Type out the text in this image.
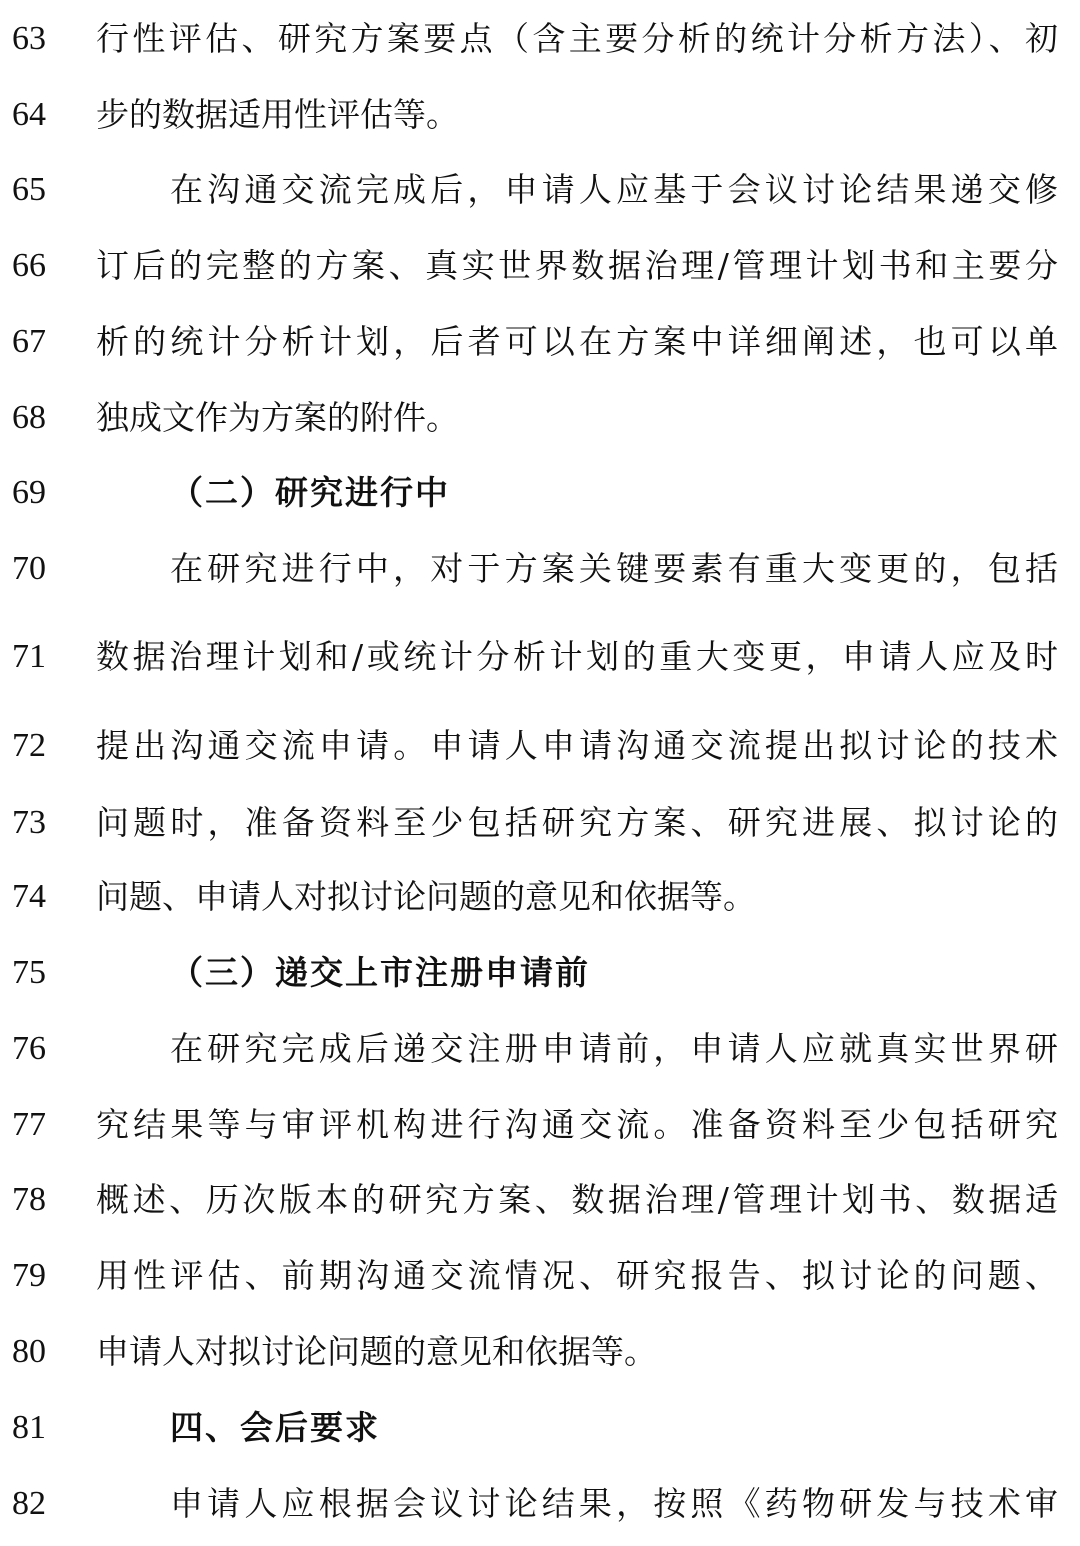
63	行性评估、研究方案要点（含主要分析的统计分析方法）、初
64	步的数据适用性评估等。
65	在沟通交流完成后，申请人应基于会议讨论结果递交修
66	订后的完整的方案、真实世界数据治理/管理计划书和主要分
67	析的统计分析计划，后者可以在方案中详细阐述，也可以单
68	独成文作为方案的附件。
69	（二）研究进行中
70	在研究进行中，对于方案关键要素有重大变更的，包括
71	数据治理计划和/或统计分析计划的重大变更，申请人应及时
72	提出沟通交流申请。申请人申请沟通交流提出拟讨论的技术
73	问题时，准备资料至少包括研究方案、研究进展、拟讨论的
74	问题、申请人对拟讨论问题的意见和依据等。
75	（三）递交上市注册申请前
76	在研究完成后递交注册申请前，申请人应就真实世界研
77	究结果等与审评机构进行沟通交流。准备资料至少包括研究
78	概述、历次版本的研究方案、数据治理/管理计划书、数据适
79	用性评估、前期沟通交流情况、研究报告、拟讨论的问题、
80	申请人对拟讨论问题的意见和依据等。
81	四、会后要求
82	申请人应根据会议讨论结果，按照《药物研发与技术审
